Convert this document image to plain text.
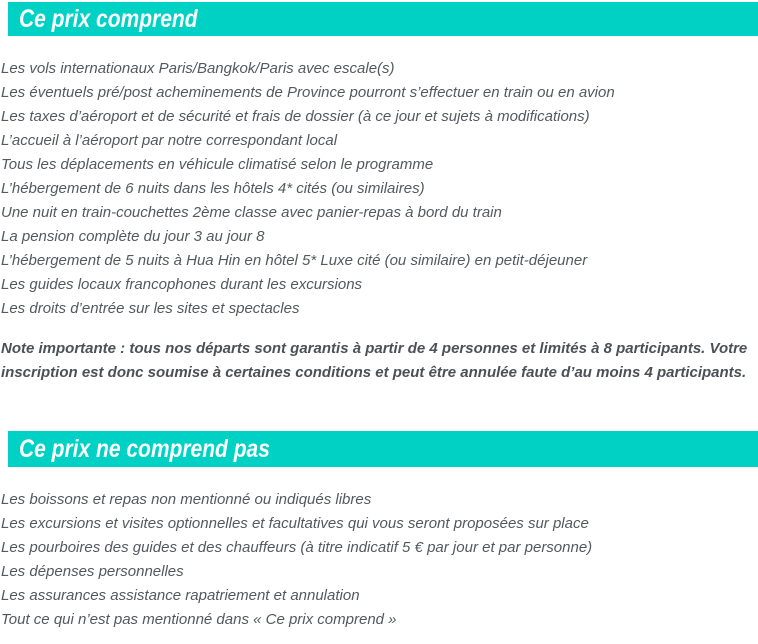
Ce prix comprend
Les vols internationaux Paris/Bangkok/Paris avec escale(s)
Les éventuels pré/post acheminements de Province pourront s’effectuer en train ou en avion
Les taxes d’aéroport et de sécurité et frais de dossier (à ce jour et sujets à modifications)
L’accueil à l’aéroport par notre correspondant local
Tous les déplacements en véhicule climatisé selon le programme
L’hébergement de 6 nuits dans les hôtels 4* cités (ou similaires)
Une nuit en train-couchettes 2ème classe avec panier-repas à bord du train
La pension complète du jour 3 au jour 8
L’hébergement de 5 nuits à Hua Hin en hôtel 5* Luxe cité (ou similaire) en petit-déjeuner
Les guides locaux francophones durant les excursions
Les droits d’entrée sur les sites et spectacles

Note importante : tous nos départs sont garantis à partir de 4 personnes et limités à 8 participants. Votre inscription est donc soumise à certaines conditions et peut être annulée faute d’au moins 4 participants.

Ce prix ne comprend pas
Les boissons et repas non mentionné ou indiqués libres
Les excursions et visites optionnelles et facultatives qui vous seront proposées sur place
Les pourboires des guides et des chauffeurs (à titre indicatif 5 € par jour et par personne)
Les dépenses personnelles
Les assurances assistance rapatriement et annulation
Tout ce qui n’est pas mentionné dans « Ce prix comprend »
